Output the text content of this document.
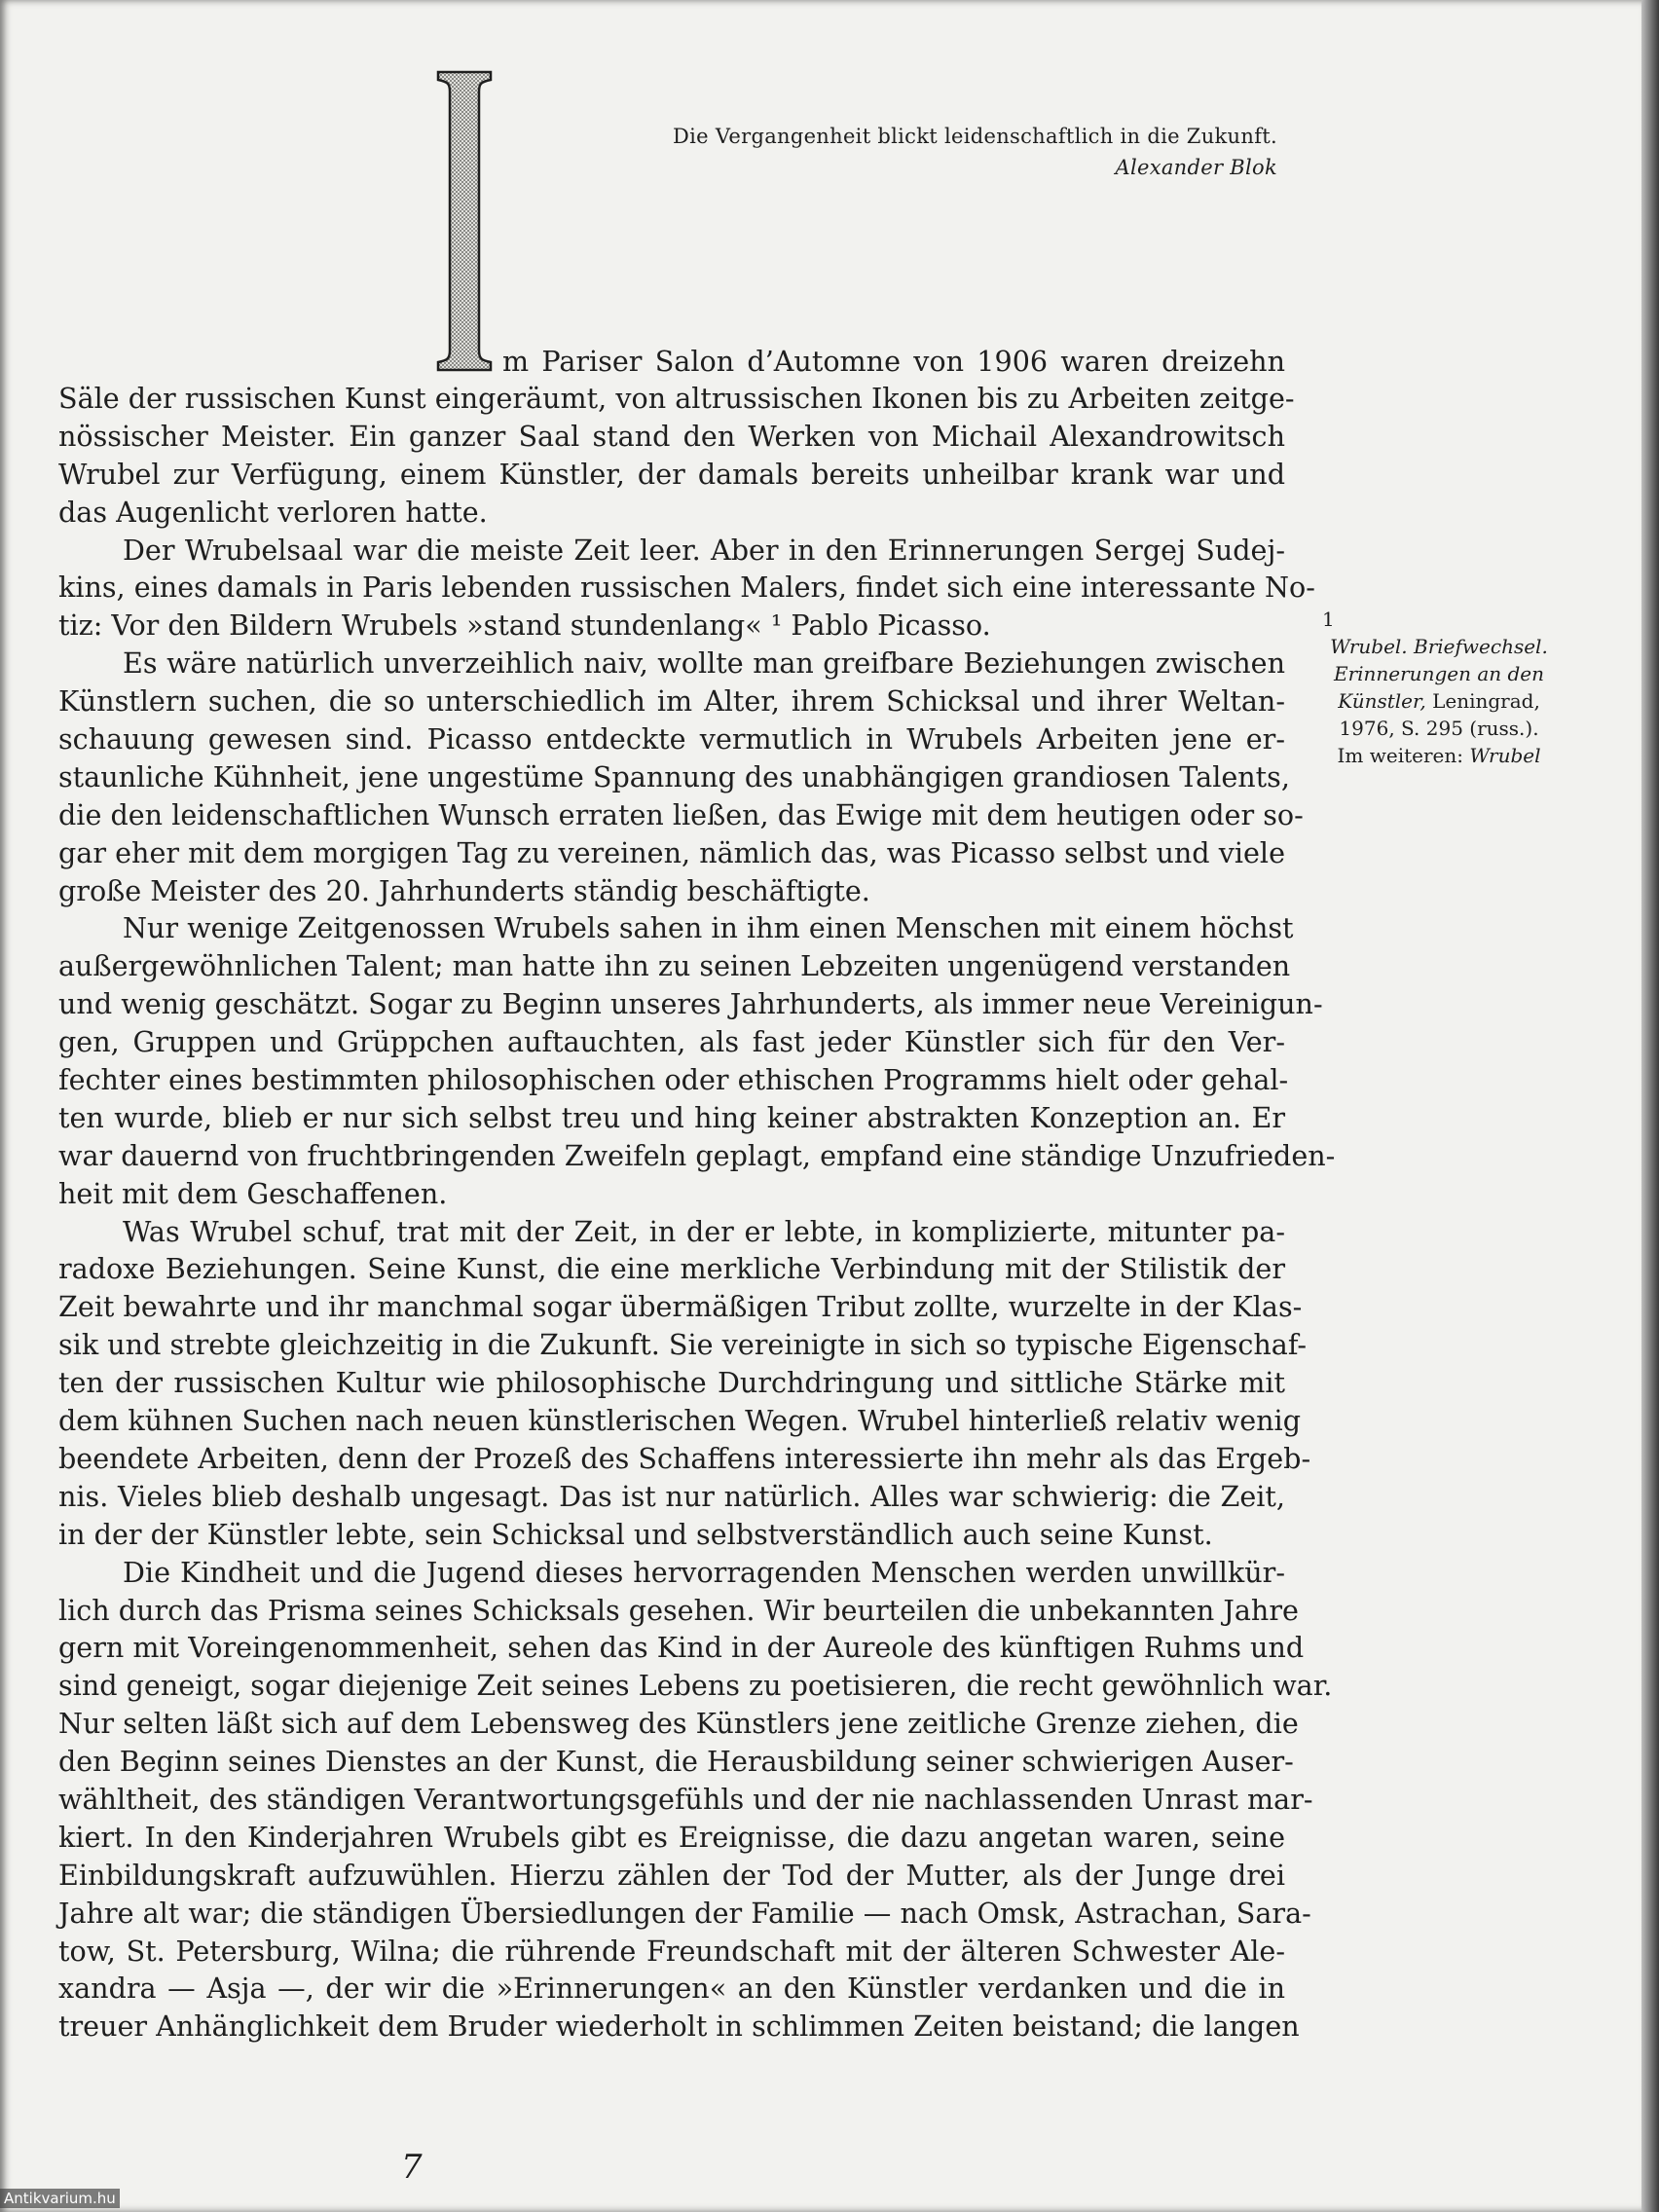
I
Die Vergangenheit blickt leidenschaftlich in die Zukunft.
Alexander Blok
m Pariser Salon d’Automne von 1906 waren dreizehn

Säle der russischen Kunst eingeräumt, von altrussischen Ikonen bis zu Arbeiten zeitge-
nössischer Meister. Ein ganzer Saal stand den Werken von Michail Alexandrowitsch
Wrubel zur Verfügung, einem Künstler, der damals bereits unheilbar krank war und
das Augenlicht verloren hatte.

Der Wrubelsaal war die meiste Zeit leer. Aber in den Erinnerungen Sergej Sudej-
kins, eines damals in Paris lebenden russischen Malers, findet sich eine interessante No-
tiz: Vor den Bildern Wrubels »stand stundenlang« ¹ Pablo Picasso.

Es wäre natürlich unverzeihlich naiv, wollte man greifbare Beziehungen zwischen
Künstlern suchen, die so unterschiedlich im Alter, ihrem Schicksal und ihrer Weltan-
schauung gewesen sind. Picasso entdeckte vermutlich in Wrubels Arbeiten jene er-
staunliche Kühnheit, jene ungestüme Spannung des unabhängigen grandiosen Talents,
die den leidenschaftlichen Wunsch erraten ließen, das Ewige mit dem heutigen oder so-
gar eher mit dem morgigen Tag zu vereinen, nämlich das, was Picasso selbst und viele
große Meister des 20. Jahrhunderts ständig beschäftigte.

Nur wenige Zeitgenossen Wrubels sahen in ihm einen Menschen mit einem höchst
außergewöhnlichen Talent; man hatte ihn zu seinen Lebzeiten ungenügend verstanden
und wenig geschätzt. Sogar zu Beginn unseres Jahrhunderts, als immer neue Vereinigun-
gen, Gruppen und Grüppchen auftauchten, als fast jeder Künstler sich für den Ver-
fechter eines bestimmten philosophischen oder ethischen Programms hielt oder gehal-
ten wurde, blieb er nur sich selbst treu und hing keiner abstrakten Konzeption an. Er
war dauernd von fruchtbringenden Zweifeln geplagt, empfand eine ständige Unzufrieden-
heit mit dem Geschaffenen.

Was Wrubel schuf, trat mit der Zeit, in der er lebte, in komplizierte, mitunter pa-
radoxe Beziehungen. Seine Kunst, die eine merkliche Verbindung mit der Stilistik der
Zeit bewahrte und ihr manchmal sogar übermäßigen Tribut zollte, wurzelte in der Klas-
sik und strebte gleichzeitig in die Zukunft. Sie vereinigte in sich so typische Eigenschaf-
ten der russischen Kultur wie philosophische Durchdringung und sittliche Stärke mit
dem kühnen Suchen nach neuen künstlerischen Wegen. Wrubel hinterließ relativ wenig
beendete Arbeiten, denn der Prozeß des Schaffens interessierte ihn mehr als das Ergeb-
nis. Vieles blieb deshalb ungesagt. Das ist nur natürlich. Alles war schwierig: die Zeit,
in der der Künstler lebte, sein Schicksal und selbstverständlich auch seine Kunst.

Die Kindheit und die Jugend dieses hervorragenden Menschen werden unwillkür-
lich durch das Prisma seines Schicksals gesehen. Wir beurteilen die unbekannten Jahre
gern mit Voreingenommenheit, sehen das Kind in der Aureole des künftigen Ruhms und
sind geneigt, sogar diejenige Zeit seines Lebens zu poetisieren, die recht gewöhnlich war.
Nur selten läßt sich auf dem Lebensweg des Künstlers jene zeitliche Grenze ziehen, die
den Beginn seines Dienstes an der Kunst, die Herausbildung seiner schwierigen Auser-
wähltheit, des ständigen Verantwortungsgefühls und der nie nachlassenden Unrast mar-
kiert. In den Kinderjahren Wrubels gibt es Ereignisse, die dazu angetan waren, seine
Einbildungskraft aufzuwühlen. Hierzu zählen der Tod der Mutter, als der Junge drei
Jahre alt war; die ständigen Übersiedlungen der Familie — nach Omsk, Astrachan, Sara-
tow, St. Petersburg, Wilna; die rührende Freundschaft mit der älteren Schwester Ale-
xandra — Asja —, der wir die »Erinnerungen« an den Künstler verdanken und die in
treuer Anhänglichkeit dem Bruder wiederholt in schlimmen Zeiten beistand; die langen

1
Wrubel. Briefwechsel.
Erinnerungen an den
Künstler, Leningrad,
1976, S. 295 (russ.).
Im weiteren: Wrubel
7
Antikvarium.hu
